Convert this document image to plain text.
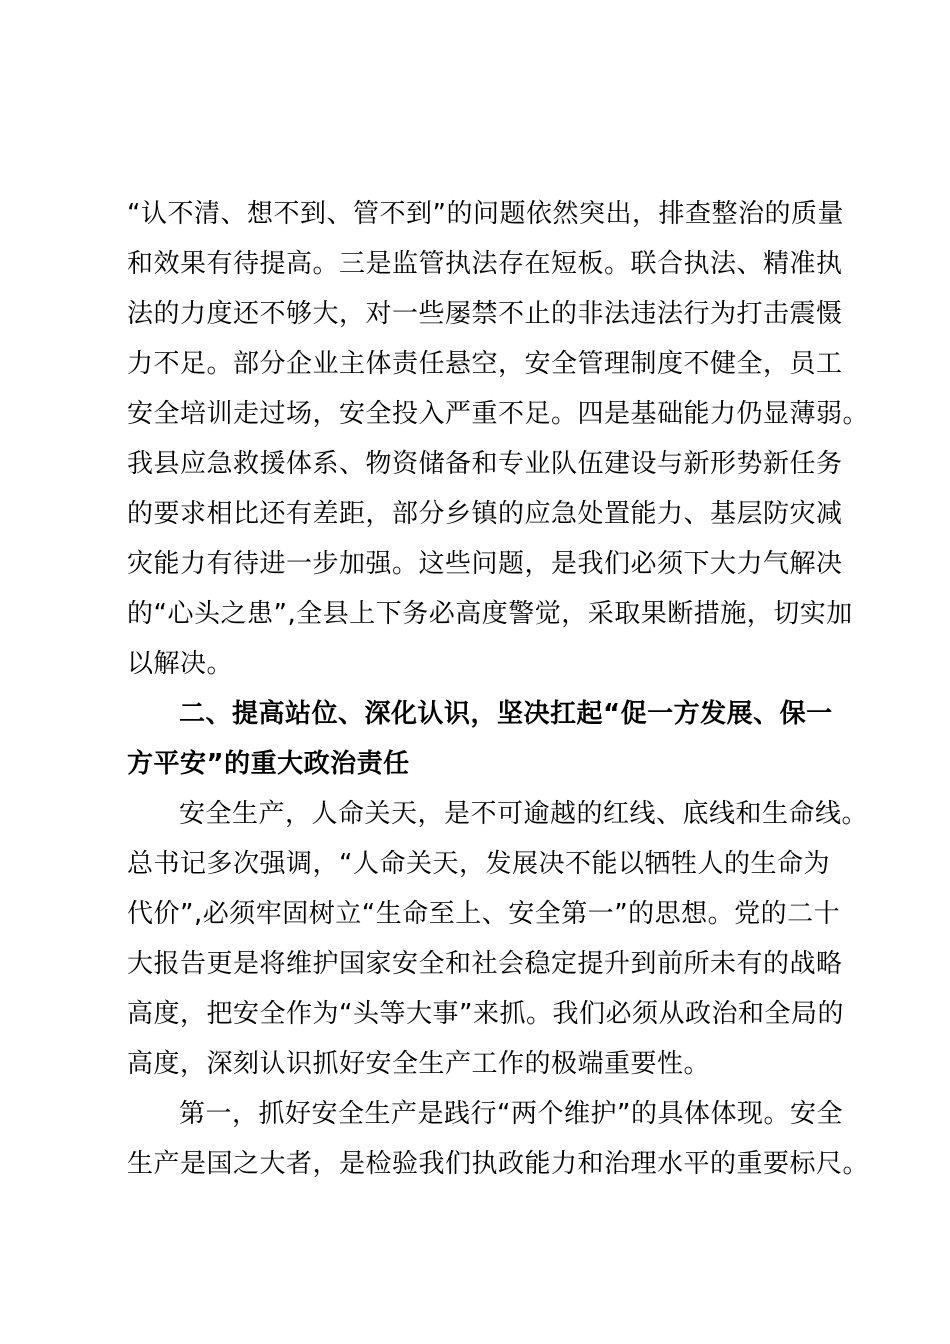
“认不清、想不到、管不到”的问题依然突出，排查整治的质量
和效果有待提高。三是监管执法存在短板。联合执法、精准执
法的力度还不够大，对一些屡禁不止的非法违法行为打击震慑
力不足。部分企业主体责任悬空，安全管理制度不健全，员工
安全培训走过场，安全投入严重不足。四是基础能力仍显薄弱。
我县应急救援体系、物资储备和专业队伍建设与新形势新任务
的要求相比还有差距，部分乡镇的应急处置能力、基层防灾减
灾能力有待进一步加强。这些问题，是我们必须下大力气解决
的“心头之患”,全县上下务必高度警觉，采取果断措施，切实加
以解决。
二、提高站位、深化认识，坚决扛起“促一方发展、保一
方平安”的重大政治责任
安全生产，人命关天，是不可逾越的红线、底线和生命线。
总书记多次强调，“人命关天，发展决不能以牺牲人的生命为
代价”,必须牢固树立“生命至上、安全第一”的思想。党的二十
大报告更是将维护国家安全和社会稳定提升到前所未有的战略
高度，把安全作为“头等大事”来抓。我们必须从政治和全局的
高度，深刻认识抓好安全生产工作的极端重要性。
第一，抓好安全生产是践行“两个维护”的具体体现。安全
生产是国之大者，是检验我们执政能力和治理水平的重要标尺。
